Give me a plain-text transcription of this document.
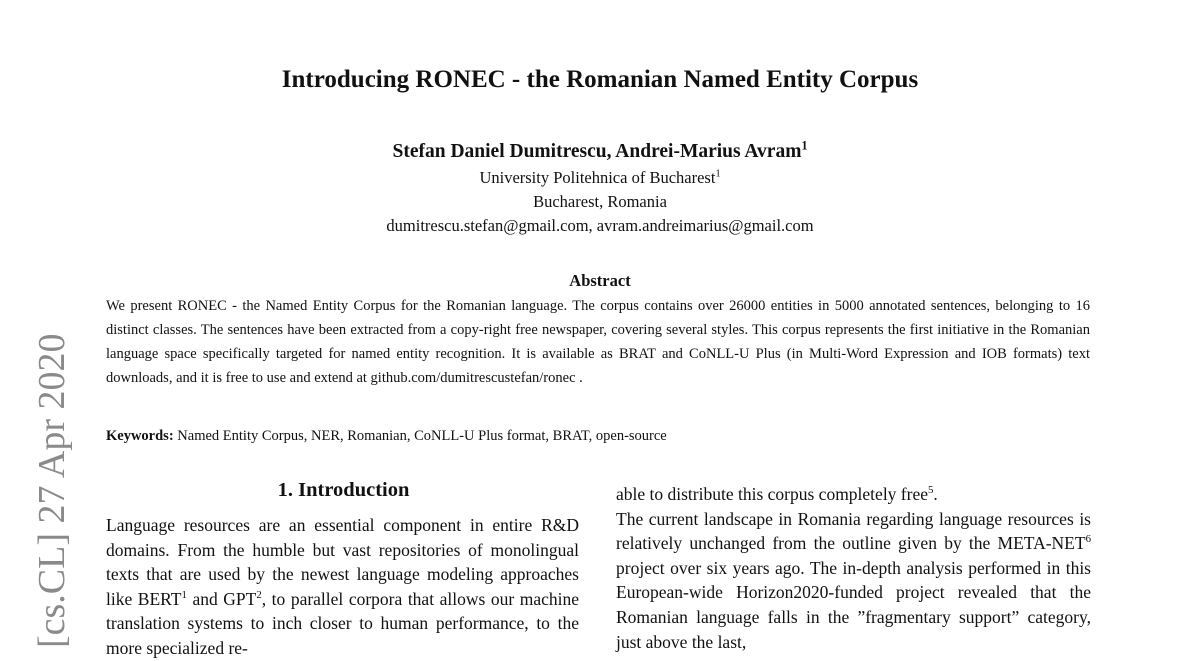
[cs.CL] 27 Apr 2020
Introducing RONEC - the Romanian Named Entity Corpus
Stefan Daniel Dumitrescu, Andrei-Marius Avram$^1$
University Politehnica of Bucharest$^1$
Bucharest, Romania
dumitrescu.stefan@gmail.com, avram.andreimarius@gmail.com
Abstract

We present RONEC - the Named Entity Corpus for the Romanian language. The corpus contains over 26000 entities in 5000 annotated sentences, belonging to 16 distinct classes. The sentences have been extracted from a copy-right free newspaper, covering several styles. This corpus represents the first initiative in the Romanian language space specifically targeted for named entity recognition. It is available as BRAT and CoNLL-U Plus (in Multi-Word Expression and IOB formats) text downloads, and it is free to use and extend at github.com/dumitrescustefan/ronec .

Keywords: Named Entity Corpus, NER, Romanian, CoNLL-U Plus format, BRAT, open-source

1. Introduction

Language resources are an essential component in entire R&D domains. From the humble but vast repositories of monolingual texts that are used by the newest language modeling approaches like BERT$^1$ and GPT$^2$, to parallel corpora that allows our machine translation systems to inch closer to human performance, to the more specialized re-

able to distribute this corpus completely free$^5$.
The current landscape in Romania regarding language resources is relatively unchanged from the outline given by the META-NET$^6$ project over six years ago. The in-depth analysis performed in this European-wide Horizon2020-funded project revealed that the Romanian language falls in the ”fragmentary support” category, just above the last,
